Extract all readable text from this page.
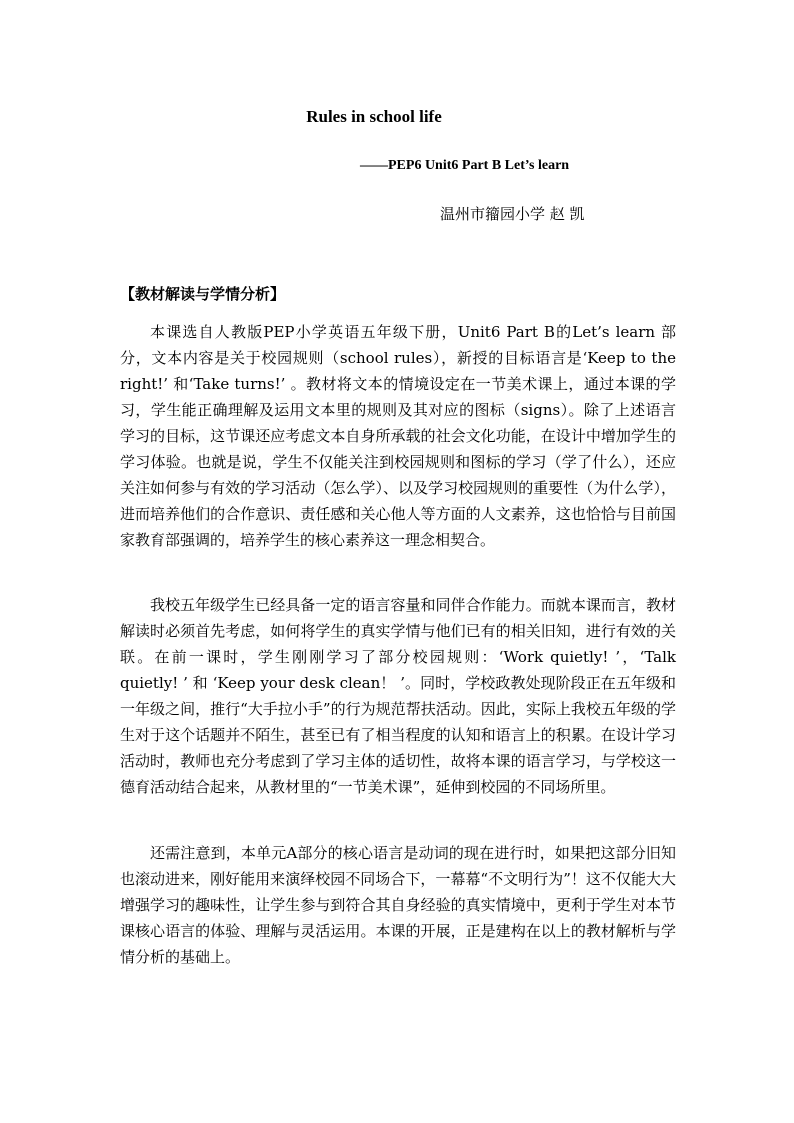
Rules in school life
——PEP6 Unit6 Part B Let’s learn
温州市籀园小学 赵 凯
【教材解读与学情分析】

本课选自人教版PEP小学英语五年级下册，Unit6 Part B的Let’s learn 部分，文本内容是关于校园规则（school rules），新授的目标语言是‘Keep to the right!’ 和‘Take turns!’ 。教材将文本的情境设定在一节美术课上，通过本课的学习，学生能正确理解及运用文本里的规则及其对应的图标（signs）。除了上述语言学习的目标，这节课还应考虑文本自身所承载的社会文化功能，在设计中增加学生的学习体验。也就是说，学生不仅能关注到校园规则和图标的学习（学了什么），还应关注如何参与有效的学习活动（怎么学）、以及学习校园规则的重要性（为什么学），进而培养他们的合作意识、责任感和关心他人等方面的人文素养，这也恰恰与目前国家教育部强调的，培养学生的核心素养这一理念相契合。

我校五年级学生已经具备一定的语言容量和同伴合作能力。而就本课而言，教材解读时必须首先考虑，如何将学生的真实学情与他们已有的相关旧知，进行有效的关联。在前一课时，学生刚刚学习了部分校园规则：‘Work quietly! ’，‘Talk quietly! ’ 和 ‘Keep your desk clean！ ’。同时，学校政教处现阶段正在五年级和一年级之间，推行“大手拉小手”的行为规范帮扶活动。因此，实际上我校五年级的学生对于这个话题并不陌生，甚至已有了相当程度的认知和语言上的积累。在设计学习活动时，教师也充分考虑到了学习主体的适切性，故将本课的语言学习，与学校这一德育活动结合起来，从教材里的“一节美术课”，延伸到校园的不同场所里。

还需注意到，本单元A部分的核心语言是动词的现在进行时，如果把这部分旧知也滚动进来，刚好能用来演绎校园不同场合下，一幕幕“不文明行为”！这不仅能大大增强学习的趣味性，让学生参与到符合其自身经验的真实情境中，更利于学生对本节课核心语言的体验、理解与灵活运用。本课的开展，正是建构在以上的教材解析与学情分析的基础上。
